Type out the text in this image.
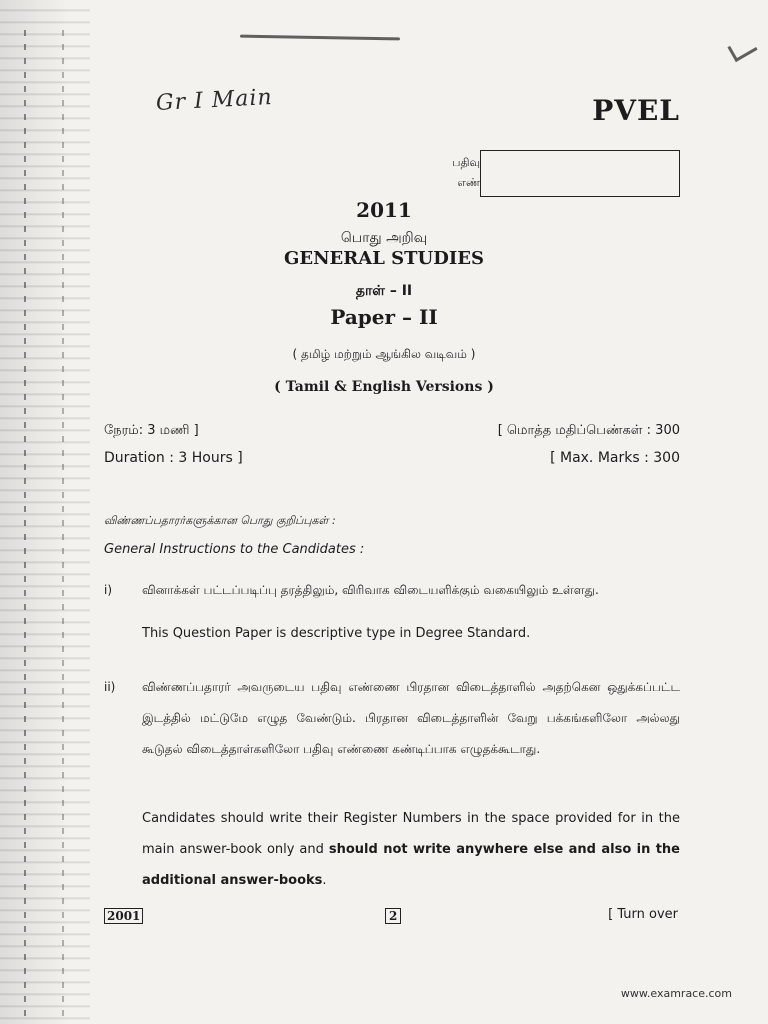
Gr I Main	PVEL
பதிவு
எண்
2011
பொது அறிவு
GENERAL STUDIES
தாள் – II
Paper – II
( தமிழ் மற்றும் ஆங்கில வடிவம் )
( Tamil & English Versions )
நேரம்: 3 மணி ]	[ மொத்த மதிப்பெண்கள் : 300
Duration : 3 Hours ]	[ Max. Marks : 300
விண்ணப்பதாரர்களுக்கான பொது குறிப்புகள் :
General Instructions to the Candidates :
i) வினாக்கள் பட்டப்படிப்பு தரத்திலும், விரிவாக விடையளிக்கும் வகையிலும் உள்ளது.
This Question Paper is descriptive type in Degree Standard.
ii) விண்ணப்பதாரர் அவருடைய பதிவு எண்ணை பிரதான விடைத்தாளில் அதற்கென ஒதுக்கப்பட்ட இடத்தில் மட்டுமே எழுத வேண்டும். பிரதான விடைத்தாளின் வேறு பக்கங்களிலோ அல்லது கூடுதல் விடைத்தாள்களிலோ பதிவு எண்ணை கண்டிப்பாக எழுதக்கூடாது.
Candidates should write their Register Numbers in the space provided for in the main answer-book only and should not write anywhere else and also in the additional answer-books.
2001	2	[ Turn over
www.examrace.com
